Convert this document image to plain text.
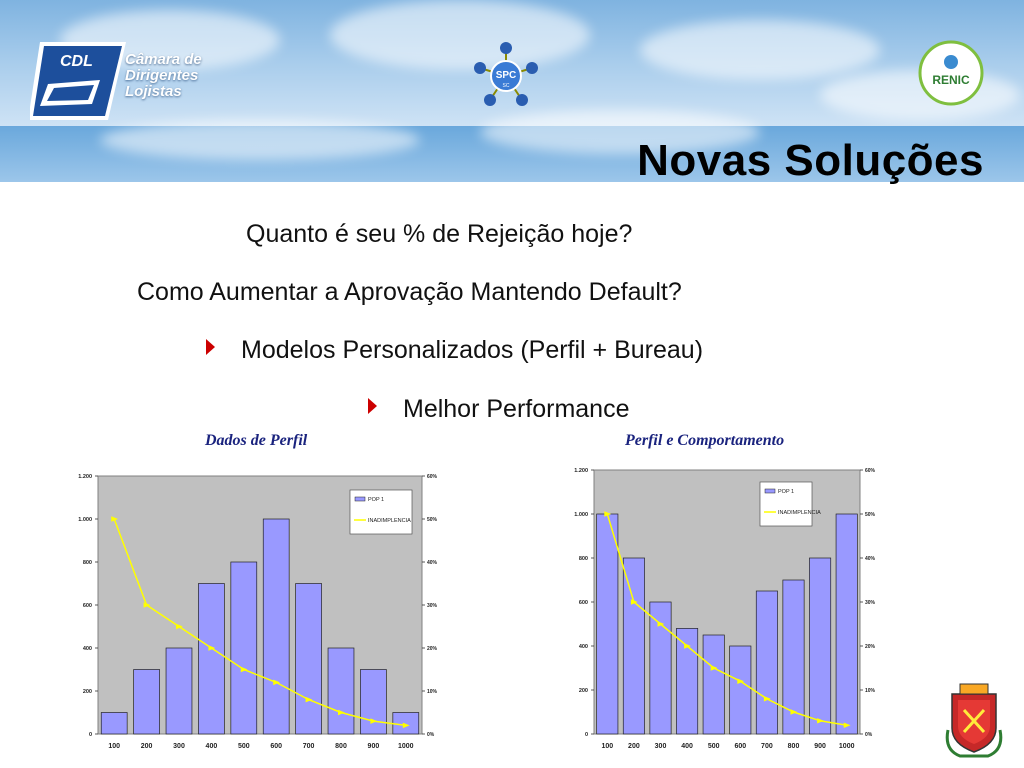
CDL Câmara de
Dirigentes
Lojistas
SPC
SC	RENIC
Novas Soluções
Quanto é seu % de Rejeição hoje?
Como Aumentar a Aprovação Mantendo Default?
Modelos Personalizados (Perfil + Bureau)
Melhor Performance
Dados de Perfil	Perfil e Comportamento
0
200
400
600
800
1.000
1.200
0%
10%
20%
30%
40%
50%
60%
100	200	300	400	500	600	700	800	900	1000
POP 1
INADIMPLENCIA
0
200
400
600
800
1.000
1.200
0%
10%
20%
30%
40%
50%
60%
100 200 300 400 500 600 700 800 900 1000
POP 1
INADIMPLENCIA
